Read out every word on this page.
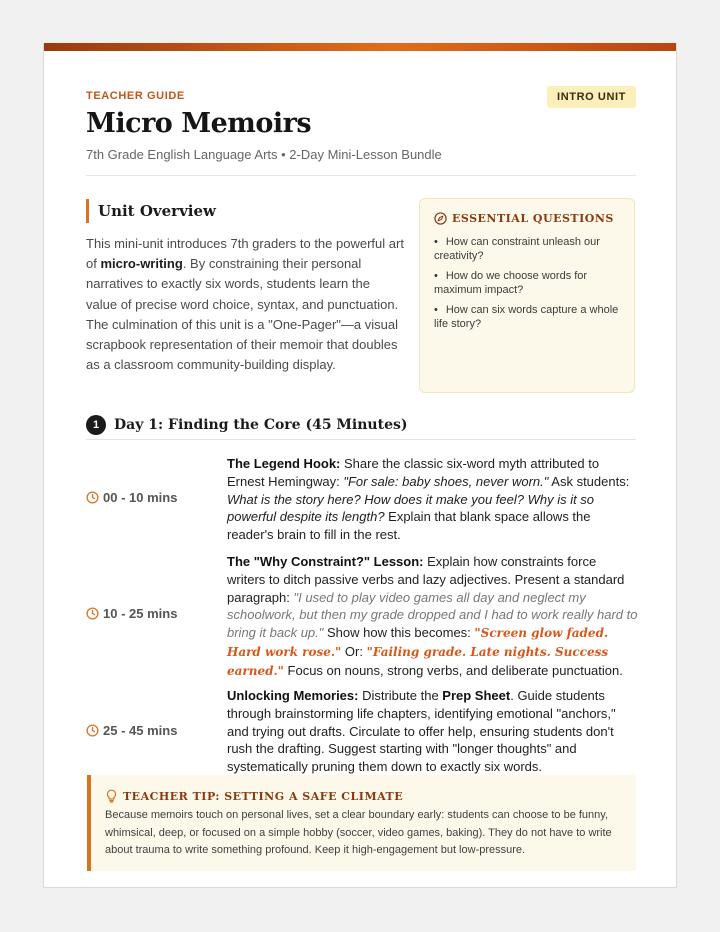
TEACHER GUIDE	INTRO UNIT
Micro Memoirs
7th Grade English Language Arts • 2-Day Mini-Lesson Bundle
Unit Overview
This mini-unit introduces 7th graders to the powerful art of micro-writing. By constraining their personal narratives to exactly six words, students learn the value of precise word choice, syntax, and punctuation. The culmination of this unit is a "One-Pager"—a visual scrapbook representation of their memoir that doubles as a classroom community-building display.
ESSENTIAL QUESTIONS
• How can constraint unleash our creativity?
• How do we choose words for maximum impact?
• How can six words capture a whole life story?
1	Day 1: Finding the Core (45 Minutes)
00 - 10 mins
The Legend Hook: Share the classic six-word myth attributed to Ernest Hemingway: "For sale: baby shoes, never worn." Ask students: What is the story here? How does it make you feel? Why is it so powerful despite its length? Explain that blank space allows the reader's brain to fill in the rest.
10 - 25 mins
The "Why Constraint?" Lesson: Explain how constraints force writers to ditch passive verbs and lazy adjectives. Present a standard paragraph: "I used to play video games all day and neglect my schoolwork, but then my grade dropped and I had to work really hard to bring it back up." Show how this becomes: "Screen glow faded. Hard work rose." Or: "Failing grade. Late nights. Success earned." Focus on nouns, strong verbs, and deliberate punctuation.
25 - 45 mins
Unlocking Memories: Distribute the Prep Sheet. Guide students through brainstorming life chapters, identifying emotional "anchors," and trying out drafts. Circulate to offer help, ensuring students don't rush the drafting. Suggest starting with "longer thoughts" and systematically pruning them down to exactly six words.
TEACHER TIP: SETTING A SAFE CLIMATE
Because memoirs touch on personal lives, set a clear boundary early: students can choose to be funny, whimsical, deep, or focused on a simple hobby (soccer, video games, baking). They do not have to write about trauma to write something profound. Keep it high-engagement but low-pressure.
